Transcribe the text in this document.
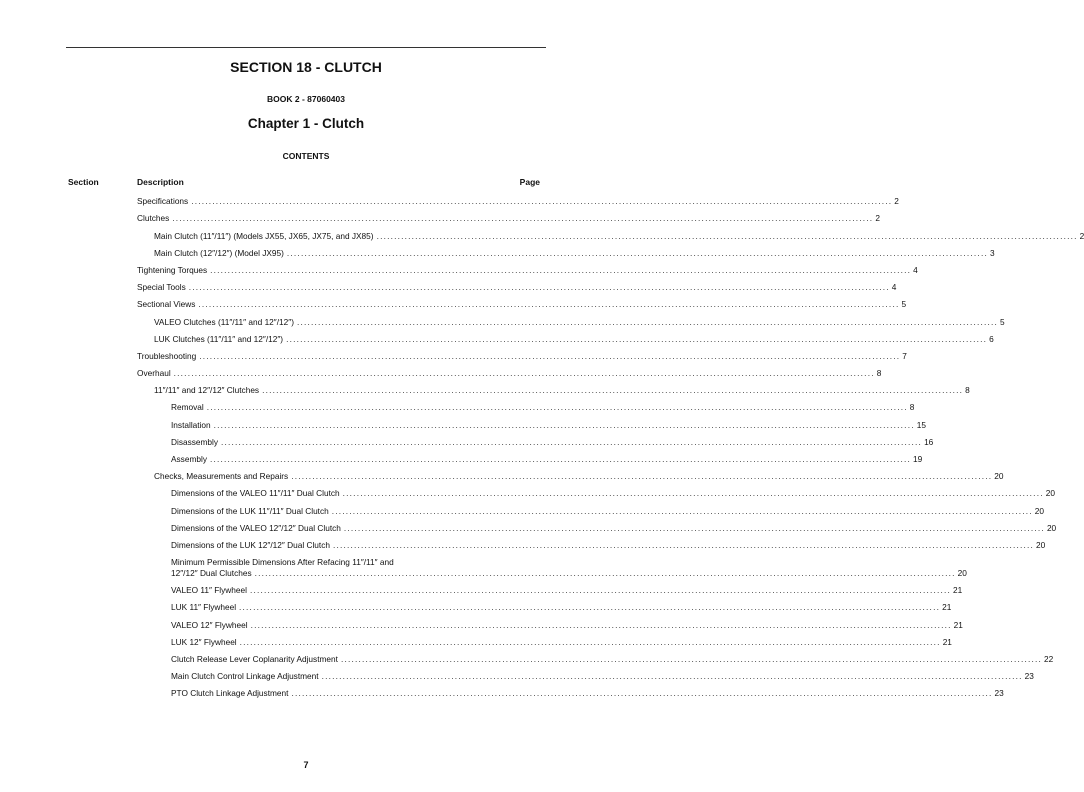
SECTION 18 - CLUTCH
BOOK 2 - 87060403
Chapter 1 - Clutch
CONTENTS
Section	Description	Page
Specifications ........................................................................................................................................................................................................ 2
Clutches ........................................................................................................................................................................................................ 2
Main Clutch (11″/11″) (Models JX55, JX65, JX75, and JX85) ........................................................................................................................................................................................................ 2
Main Clutch (12″/12″) (Model JX95) ........................................................................................................................................................................................................ 3
Tightening Torques ........................................................................................................................................................................................................ 4
Special Tools ........................................................................................................................................................................................................ 4
Sectional Views ........................................................................................................................................................................................................ 5
VALEO Clutches (11″/11″ and 12″/12″) ........................................................................................................................................................................................................ 5
LUK Clutches (11″/11″ and 12″/12″) ........................................................................................................................................................................................................ 6
Troubleshooting ........................................................................................................................................................................................................ 7
Overhaul ........................................................................................................................................................................................................ 8
11″/11″ and 12″/12″ Clutches ........................................................................................................................................................................................................ 8
Removal ........................................................................................................................................................................................................ 8
Installation ........................................................................................................................................................................................................ 15
Disassembly ........................................................................................................................................................................................................ 16
Assembly ........................................................................................................................................................................................................ 19
Checks, Measurements and Repairs ........................................................................................................................................................................................................ 20
Dimensions of the VALEO 11″/11″ Dual Clutch ........................................................................................................................................................................................................ 20
Dimensions of the LUK 11″/11″ Dual Clutch ........................................................................................................................................................................................................ 20
Dimensions of the VALEO 12″/12″ Dual Clutch ........................................................................................................................................................................................................ 20
Dimensions of the LUK 12″/12″ Dual Clutch ........................................................................................................................................................................................................ 20
Minimum Permissible Dimensions After Refacing 11″/11″ and
12″/12″ Dual Clutches ........................................................................................................................................................................................................ 20
VALEO 11″ Flywheel ........................................................................................................................................................................................................ 21
LUK 11″ Flywheel ........................................................................................................................................................................................................ 21
VALEO 12″ Flywheel ........................................................................................................................................................................................................ 21
LUK 12″ Flywheel ........................................................................................................................................................................................................ 21
Clutch Release Lever Coplanarity Adjustment ........................................................................................................................................................................................................ 22
Main Clutch Control Linkage Adjustment ........................................................................................................................................................................................................ 23
PTO Clutch Linkage Adjustment ........................................................................................................................................................................................................ 23
7
